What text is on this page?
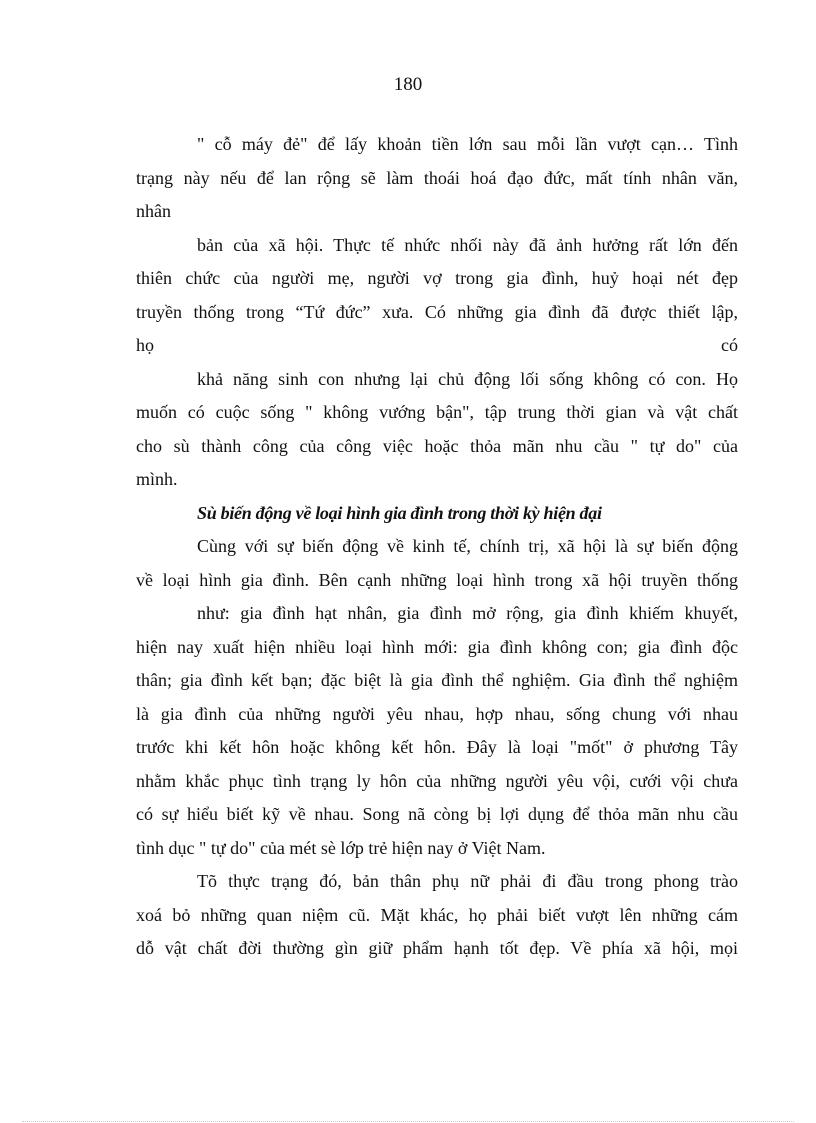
180
" cỗ máy đẻ" để lấy khoản tiền lớn sau mỗi lần vượt cạn… Tình
trạng này nếu để lan rộng sẽ làm thoái hoá đạo đức, mất tính nhân văn,
nhân
bản của xã hội. Thực tế nhức nhối này đã ảnh hưởng rất lớn đến
thiên chức của người mẹ, người vợ trong gia đình, huỷ hoại nét đẹp
truyền thống trong “Tứ đức” xưa. Có những gia đình đã được thiết lập,
họ	có
khả năng sinh con nhưng lại chủ động lối sống không có con. Họ
muốn có cuộc sống " không vướng bận", tập trung thời gian và vật chất
cho sù thành công của công việc hoặc thỏa mãn nhu cầu " tự do" của
mình.
Sù biến động về loại hình gia đình trong thời kỳ hiện đại
Cùng với sự biến động về kinh tế, chính trị, xã hội là sự biến động
về loại hình gia đình. Bên cạnh những loại hình trong xã hội truyền thống
như: gia đình hạt nhân, gia đình mở rộng, gia đình khiếm khuyết,
hiện nay xuất hiện nhiều loại hình mới: gia đình không con; gia đình độc
thân; gia đình kết bạn; đặc biệt là gia đình thể nghiệm. Gia đình thể nghiệm
là gia đình của những người yêu nhau, hợp nhau, sống chung với nhau
trước khi kết hôn hoặc không kết hôn. Đây là loại "mốt" ở phương Tây
nhằm khắc phục tình trạng ly hôn của những người yêu vội, cưới vội chưa
có sự hiểu biết kỹ về nhau. Song nã còng bị lợi dụng để thỏa mãn nhu cầu
tình dục " tự do" của mét sè lớp trẻ hiện nay ở Việt Nam.
Tõ thực trạng đó, bản thân phụ nữ phải đi đầu trong phong trào
xoá bỏ những quan niệm cũ. Mặt khác, họ phải biết vượt lên những cám
dỗ vật chất đời thường gìn giữ phẩm hạnh tốt đẹp. Về phía xã hội, mọi
